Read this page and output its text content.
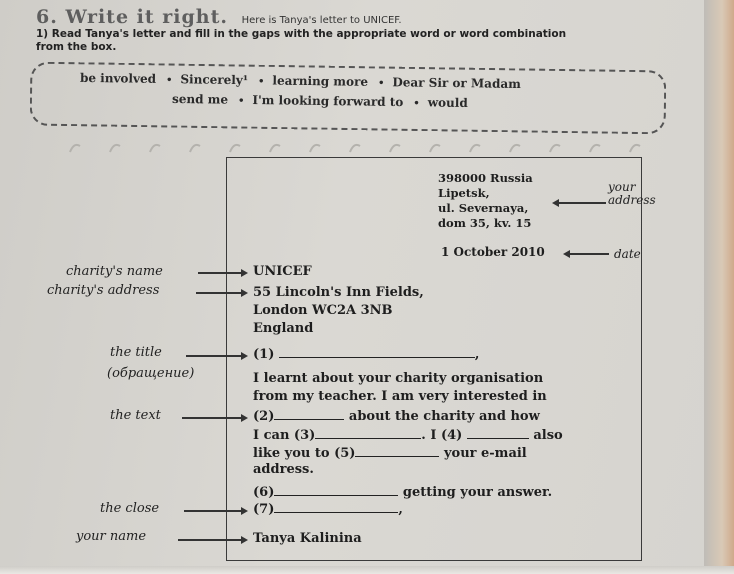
6. Write it right. Here is Tanya's letter to UNICEF.
1) Read Tanya's letter and fill in the gaps with the appropriate word or word combination
from the box.
be involved • Sincerely¹ • learning more • Dear Sir or Madam
send me • I'm looking forward to • would
398000 Russia
Lipetsk,
ul. Severnaya,
dom 35, kv. 15
your
address
1 October 2010	date
charity's name	UNICEF
charity's address	55 Lincoln's Inn Fields,
London WC2A 3NB
England
the title	(1)	,
(обращение)	I learnt about your charity organisation
from my teacher. I am very interested in
the text	(2)	about the charity and how
I can (3)	. I (4)	also
like you to (5)	your e-mail
address.
(6)	getting your answer.
the close	(7)	,
your name	Tanya Kalinina
